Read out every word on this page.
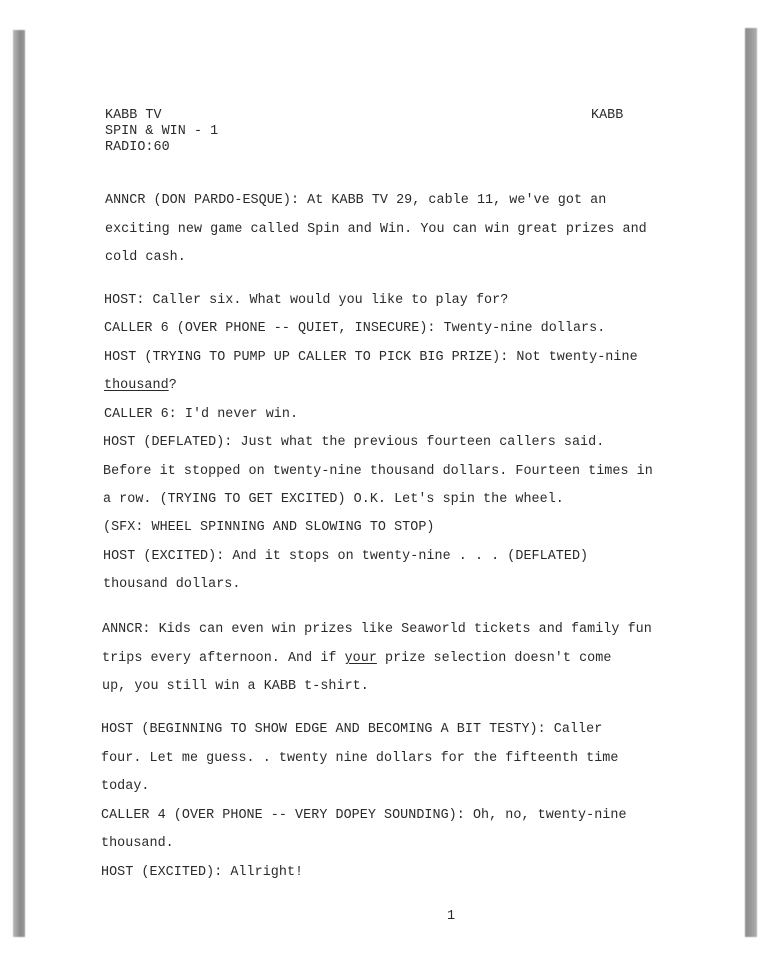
KABB TV
SPIN & WIN - 1
RADIO:60
KABB
ANNCR (DON PARDO-ESQUE): At KABB TV 29, cable 11, we've got an
exciting new game called Spin and Win. You can win great prizes and
cold cash.
HOST: Caller six. What would you like to play for?
CALLER 6 (OVER PHONE -- QUIET, INSECURE): Twenty-nine dollars.
HOST (TRYING TO PUMP UP CALLER TO PICK BIG PRIZE): Not twenty-nine
thousand?
CALLER 6: I'd never win.
HOST (DEFLATED): Just what the previous fourteen callers said.
Before it stopped on twenty-nine thousand dollars. Fourteen times in
a row. (TRYING TO GET EXCITED) O.K. Let's spin the wheel.
(SFX: WHEEL SPINNING AND SLOWING TO STOP)
HOST (EXCITED): And it stops on twenty-nine . . . (DEFLATED)
thousand dollars.
ANNCR: Kids can even win prizes like Seaworld tickets and family fun
trips every afternoon. And if your prize selection doesn't come
up, you still win a KABB t-shirt.
HOST (BEGINNING TO SHOW EDGE AND BECOMING A BIT TESTY): Caller
four. Let me guess. . twenty nine dollars for the fifteenth time
today.
CALLER 4 (OVER PHONE -- VERY DOPEY SOUNDING): Oh, no, twenty-nine
thousand.
HOST (EXCITED): Allright!
1
